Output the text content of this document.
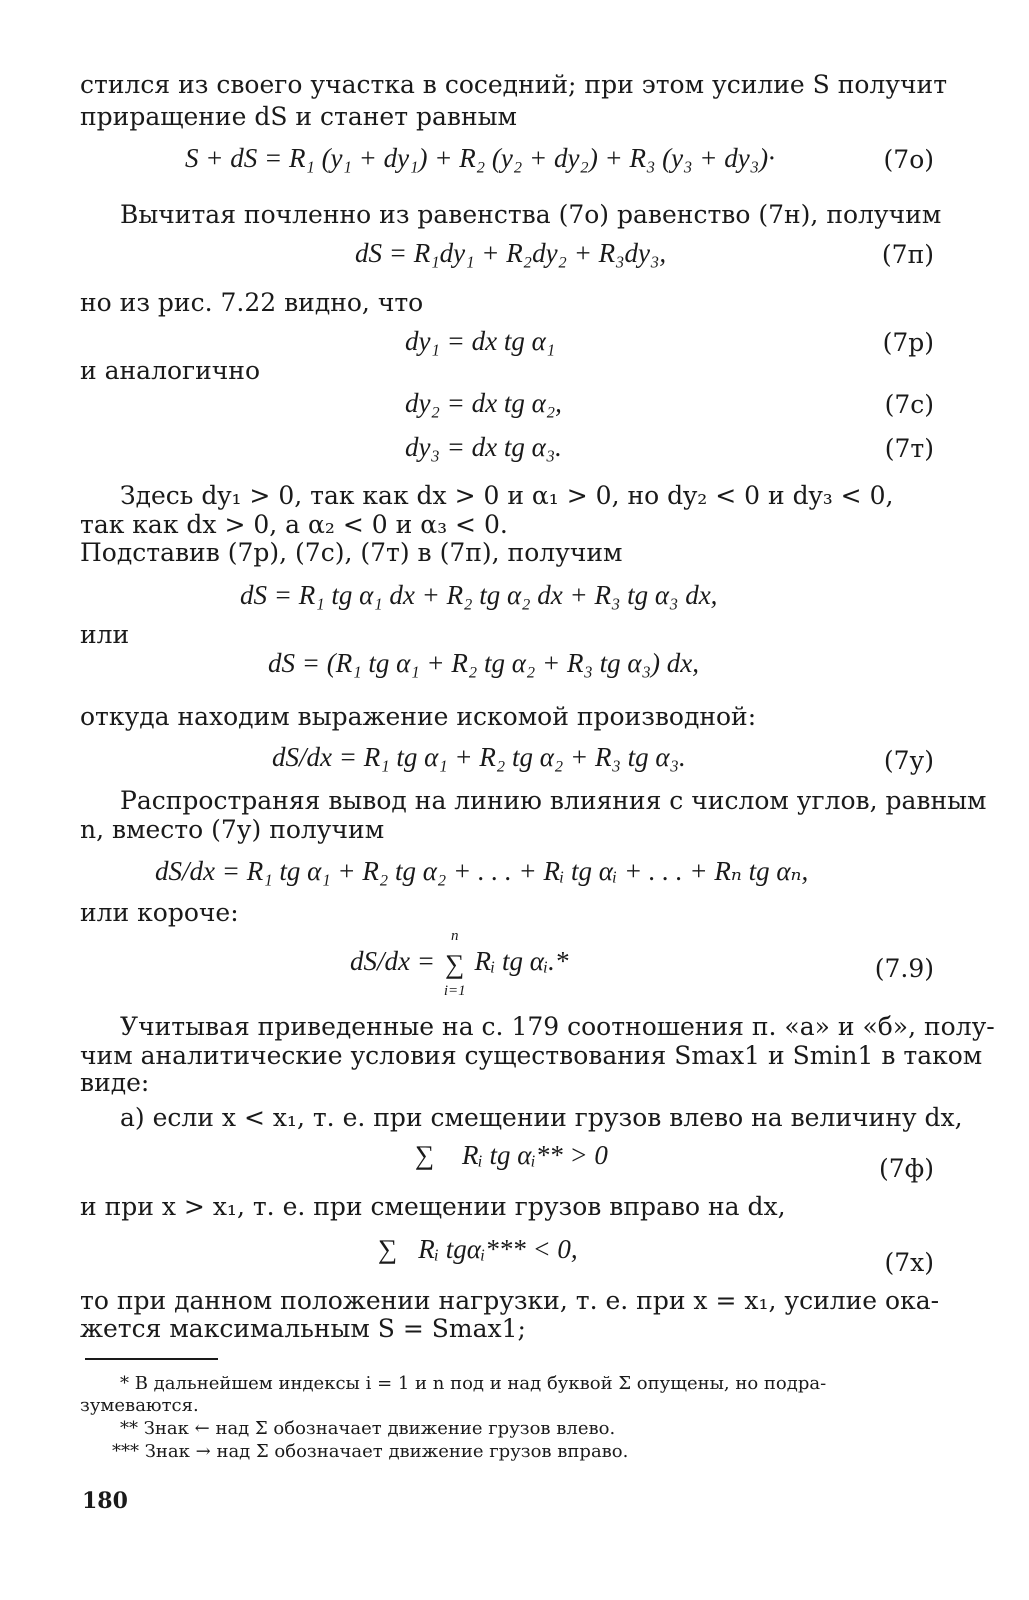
стился из своего участка в соседний; при этом усилие S получит
приращение dS и станет равным
S + dS = R₁ (y₁ + dy₁) + R₂ (y₂ + dy₂) + R₃ (y₃ + dy₃)·	(7о)
Вычитая почленно из равенства (7о) равенство (7н), получим
dS = R₁dy₁ + R₂dy₂ + R₃dy₃,	(7п)
но из рис. 7.22 видно, что
dy₁ = dx tg α₁	(7р)
и аналогично
dy₂ = dx tg α₂,	(7с)
dy₃ = dx tg α₃.	(7т)
Здесь dy₁ > 0, так как dx > 0 и α₁ > 0, но dy₂ < 0 и dy₃ < 0,
так как dx > 0, а α₂ < 0 и α₃ < 0.
Подставив (7р), (7с), (7т) в (7п), получим
dS = R₁ tg α₁ dx + R₂ tg α₂ dx + R₃ tg α₃ dx,
или
dS = (R₁ tg α₁ + R₂ tg α₂ + R₃ tg α₃) dx,
откуда находим выражение искомой производной:
dS/dx = R₁ tg α₁ + R₂ tg α₂ + R₃ tg α₃.	(7у)
Распространяя вывод на линию влияния с числом углов, равным
n, вместо (7у) получим
dS/dx = R₁ tg α₁ + R₂ tg α₂ + . . . + Rᵢ tg αᵢ + . . . + Rₙ tg αₙ,
или короче:
dS/dx =
n
∑
i=1
Rᵢ tg αᵢ.*	(7.9)
Учитывая приведенные на с. 179 соотношения п. «а» и «б», полу-
чим аналитические условия существования Smax1 и Smin1 в таком
виде:
а) если x < x₁, т. е. при смещении грузов влево на величину dx,
∑⃖ Rᵢ tg αᵢ** > 0	(7ф)
и при x > x₁, т. е. при смещении грузов вправо на dx,
∑⃗Rᵢ tgαᵢ*** < 0,	(7х)
то при данном положении нагрузки, т. е. при x = x₁, усилие ока-
жется максимальным S = Smax1;
* В дальнейшем индексы i = 1 и n под и над буквой Σ опущены, но подра-
зумеваются.
** Знак ← над Σ обозначает движение грузов влево.
*** Знак → над Σ обозначает движение грузов вправо.
180
